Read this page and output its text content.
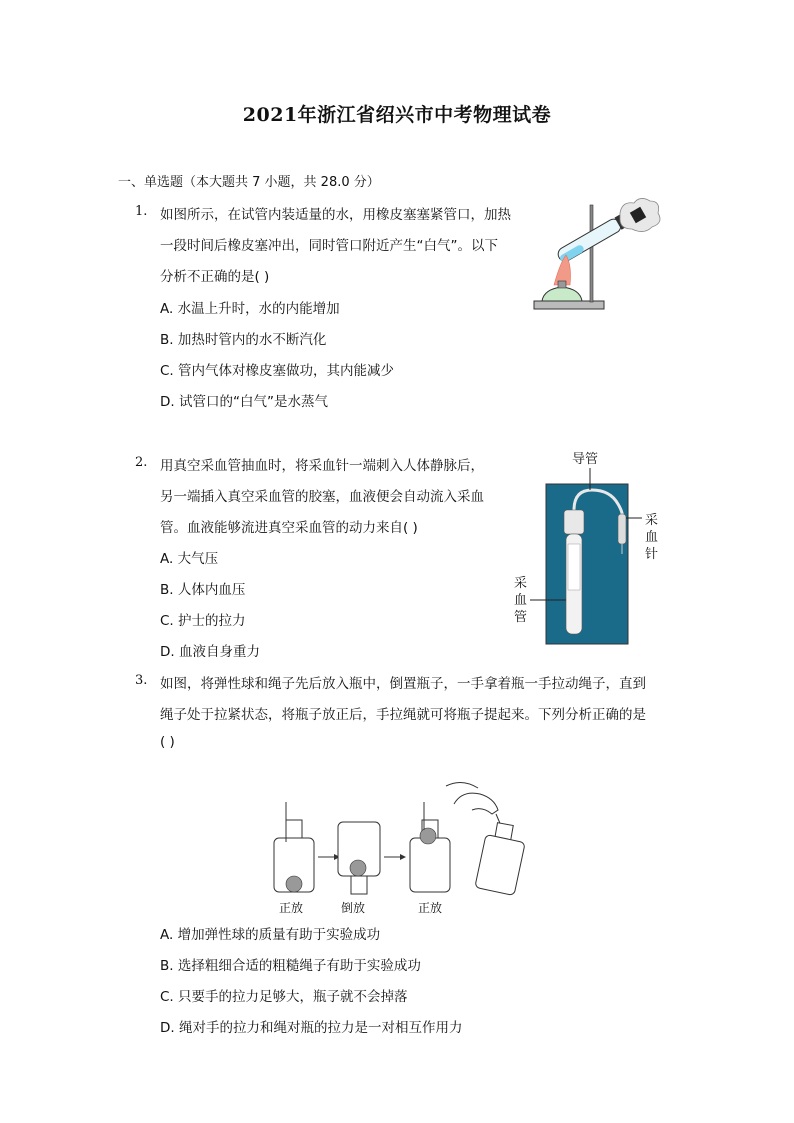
2021年浙江省绍兴市中考物理试卷
一、单选题（本大题共 7 小题，共 28.0 分）
1. 如图所示，在试管内装适量的水，用橡皮塞塞紧管口，加热
一段时间后橡皮塞冲出，同时管口附近产生“白气”。以下
分析不正确的是( )
A. 水温上升时，水的内能增加
B. 加热时管内的水不断汽化
C. 管内气体对橡皮塞做功，其内能减少
D. 试管口的“白气”是水蒸气
2. 用真空采血管抽血时，将采血针一端刺入人体静脉后，
另一端插入真空采血管的胶塞，血液便会自动流入采血
管。血液能够流进真空采血管的动力来自( )
A. 大气压
B. 人体内血压
C. 护士的拉力
D. 血液自身重力
导管
采
血
针
采
血
管
3. 如图，将弹性球和绳子先后放入瓶中，倒置瓶子，一手拿着瓶一手拉动绳子，直到
绳子处于拉紧状态，将瓶子放正后，手拉绳就可将瓶子提起来。下列分析正确的是
( )
正放	倒放	正放
A. 增加弹性球的质量有助于实验成功
B. 选择粗细合适的粗糙绳子有助于实验成功
C. 只要手的拉力足够大，瓶子就不会掉落
D. 绳对手的拉力和绳对瓶的拉力是一对相互作用力
